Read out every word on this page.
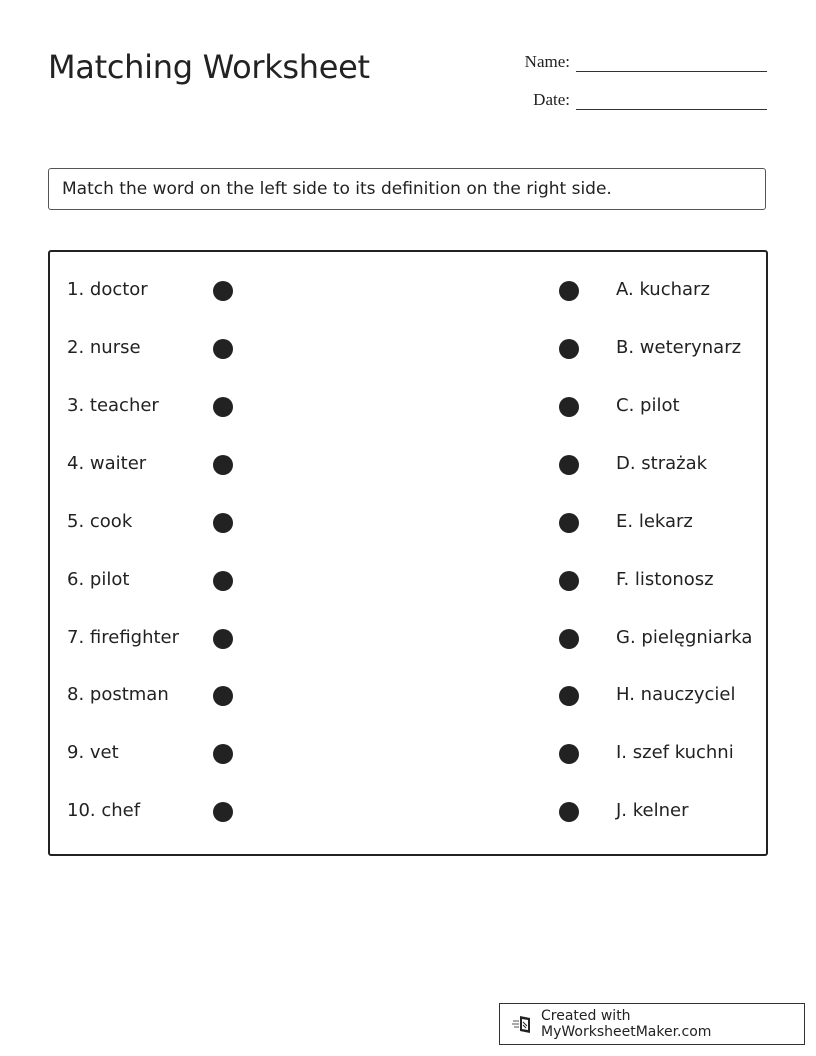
Matching Worksheet	Name:
Date:
Match the word on the left side to its definition on the right side.
1. doctor	A. kucharz
2. nurse	B. weterynarz
3. teacher	C. pilot
4. waiter	D. strażak
5. cook	E. lekarz
6. pilot	F. listonosz
7. firefighter	G. pielęgniarka
8. postman	H. nauczyciel
9. vet	I. szef kuchni
10. chef	J. kelner
Created with MyWorksheetMaker.com
